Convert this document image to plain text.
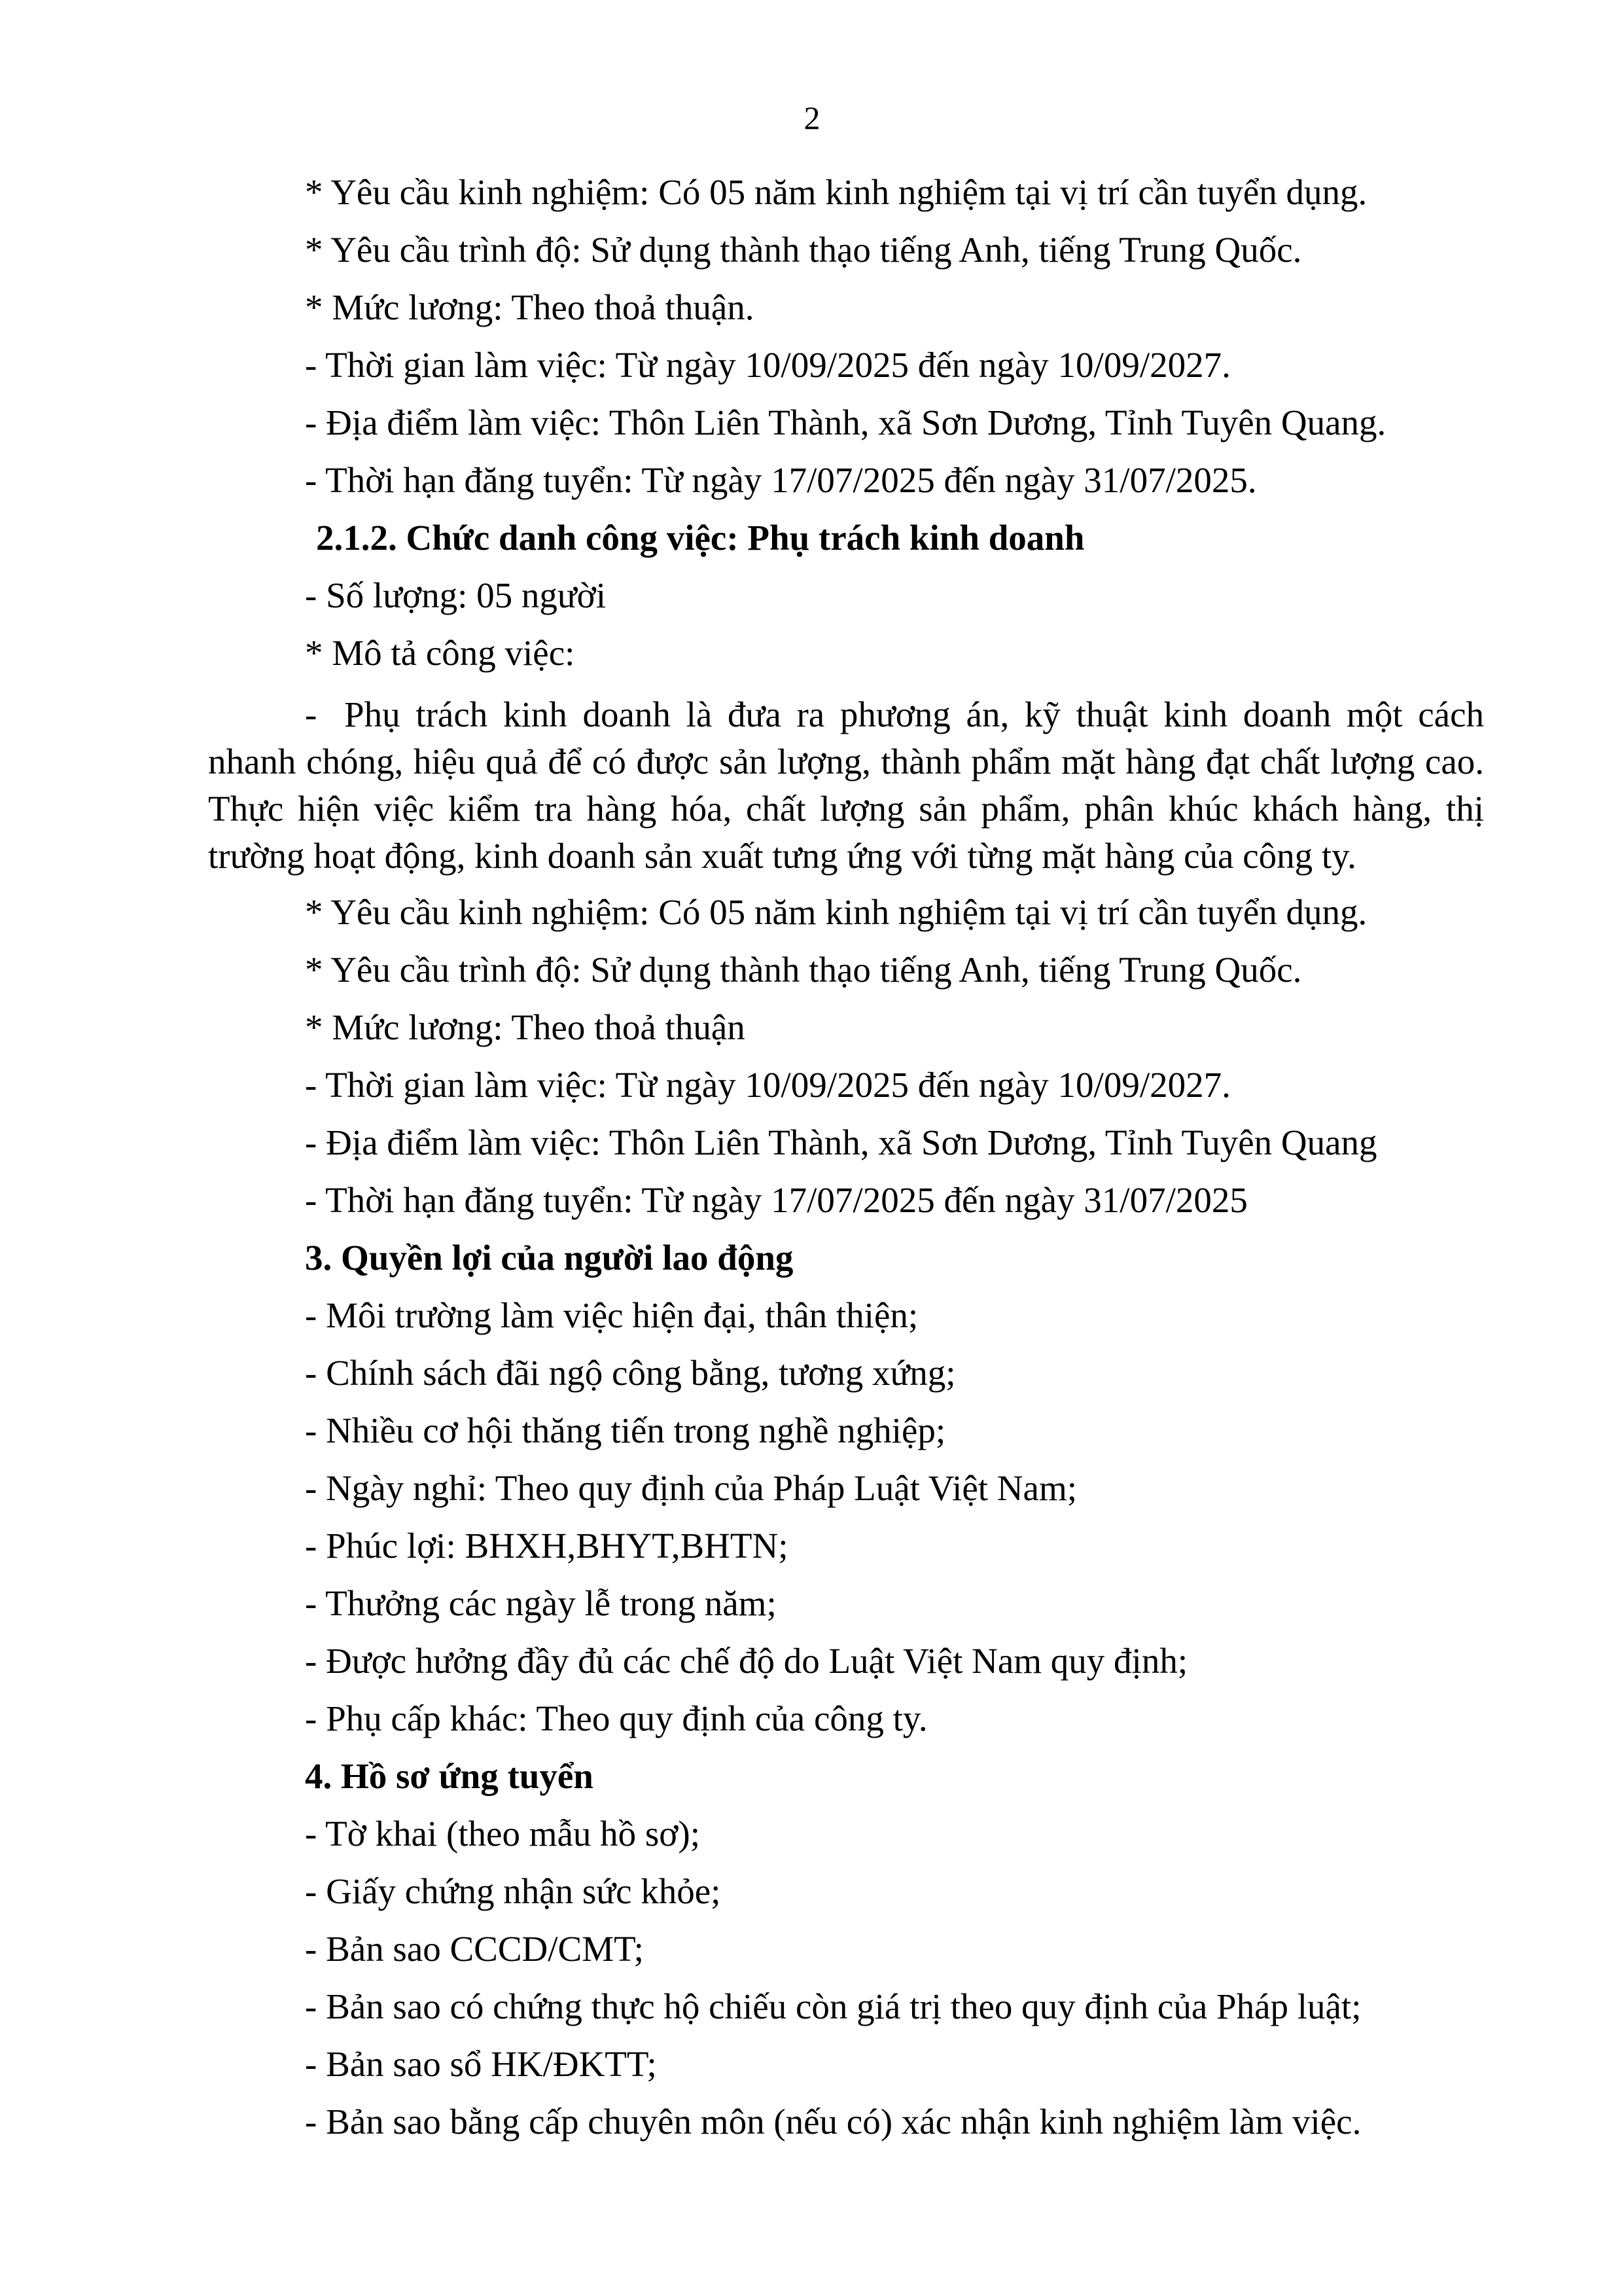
2
* Yêu cầu kinh nghiệm: Có 05 năm kinh nghiệm tại vị trí cần tuyển dụng.
* Yêu cầu trình độ: Sử dụng thành thạo tiếng Anh, tiếng Trung Quốc.
* Mức lương: Theo thoả thuận.
- Thời gian làm việc: Từ ngày 10/09/2025 đến ngày 10/09/2027.
- Địa điểm làm việc: Thôn Liên Thành, xã Sơn Dương, Tỉnh Tuyên Quang.
- Thời hạn đăng tuyển: Từ ngày 17/07/2025 đến ngày 31/07/2025.
2.1.2. Chức danh công việc: Phụ trách kinh doanh
- Số lượng: 05 người
* Mô tả công việc:
- Phụ trách kinh doanh là đưa ra phương án, kỹ thuật kinh doanh một cách nhanh chóng, hiệu quả để có được sản lượng, thành phẩm mặt hàng đạt chất lượng cao. Thực hiện việc kiểm tra hàng hóa, chất lượng sản phẩm, phân khúc khách hàng, thị trường hoạt động, kinh doanh sản xuất tưng ứng với từng mặt hàng của công ty.
* Yêu cầu kinh nghiệm: Có 05 năm kinh nghiệm tại vị trí cần tuyển dụng.
* Yêu cầu trình độ: Sử dụng thành thạo tiếng Anh, tiếng Trung Quốc.
* Mức lương: Theo thoả thuận
- Thời gian làm việc: Từ ngày 10/09/2025 đến ngày 10/09/2027.
- Địa điểm làm việc: Thôn Liên Thành, xã Sơn Dương, Tỉnh Tuyên Quang
- Thời hạn đăng tuyển: Từ ngày 17/07/2025 đến ngày 31/07/2025
3. Quyền lợi của người lao động
- Môi trường làm việc hiện đại, thân thiện;
- Chính sách đãi ngộ công bằng, tương xứng;
- Nhiều cơ hội thăng tiến trong nghề nghiệp;
- Ngày nghỉ: Theo quy định của Pháp Luật Việt Nam;
- Phúc lợi: BHXH,BHYT,BHTN;
- Thưởng các ngày lễ trong năm;
- Được hưởng đầy đủ các chế độ do Luật Việt Nam quy định;
- Phụ cấp khác: Theo quy định của công ty.
4. Hồ sơ ứng tuyển
- Tờ khai (theo mẫu hồ sơ);
- Giấy chứng nhận sức khỏe;
- Bản sao CCCD/CMT;
- Bản sao có chứng thực hộ chiếu còn giá trị theo quy định của Pháp luật;
- Bản sao sổ HK/ĐKTT;
- Bản sao bằng cấp chuyên môn (nếu có) xác nhận kinh nghiệm làm việc.
